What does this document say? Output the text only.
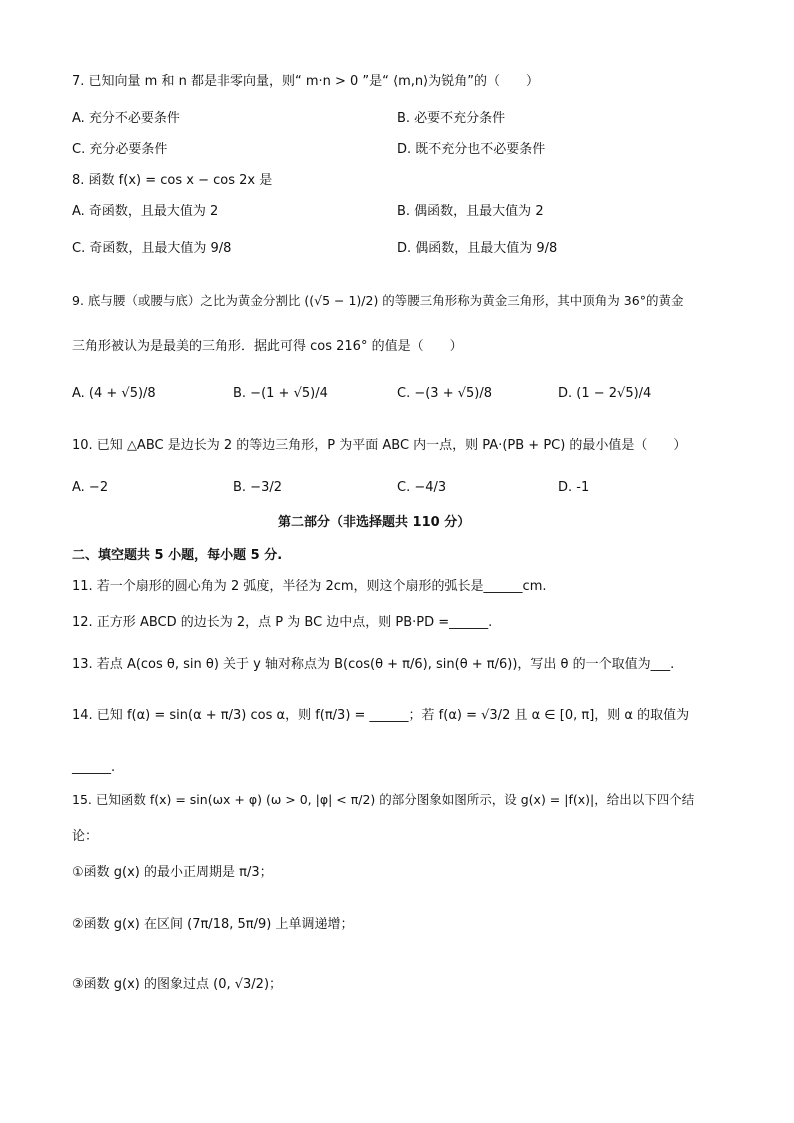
7. 已知向量 m 和 n 都是非零向量，则“ m·n > 0 ”是“ ⟨m,n⟩为锐角”的（　　）
A. 充分不必要条件	B. 必要不充分条件
C. 充分必要条件	D. 既不充分也不必要条件
8. 函数 f(x) = cos x − cos 2x 是
A. 奇函数，且最大值为 2	B. 偶函数，且最大值为 2
C. 奇函数，且最大值为 9/8	D. 偶函数，且最大值为 9/8
9. 底与腰（或腰与底）之比为黄金分割比 ((√5 − 1)/2) 的等腰三角形称为黄金三角形，其中顶角为 36°的黄金
三角形被认为是最美的三角形．据此可得 cos 216° 的值是（　　）
A. (4 + √5)/8	B. −(1 + √5)/4	C. −(3 + √5)/8	D. (1 − 2√5)/4
10. 已知 △ABC 是边长为 2 的等边三角形，P 为平面 ABC 内一点，则 PA·(PB + PC) 的最小值是（　　）
A. −2	B. −3/2	C. −4/3	D. -1
第二部分（非选择题共 110 分）
二、填空题共 5 小题，每小题 5 分.
11. 若一个扇形的圆心角为 2 弧度，半径为 2cm，则这个扇形的弧长是______cm.
12. 正方形 ABCD 的边长为 2，点 P 为 BC 边中点，则 PB·PD =______.
13. 若点 A(cos θ, sin θ) 关于 y 轴对称点为 B(cos(θ + π/6), sin(θ + π/6))，写出 θ 的一个取值为___.
14. 已知 f(α) = sin(α + π/3) cos α，则 f(π/3) = ______；若 f(α) = √3/2 且 α ∈ [0, π]，则 α 的取值为
______.
15. 已知函数 f(x) = sin(ωx + φ) (ω > 0, |φ| < π/2) 的部分图象如图所示，设 g(x) = |f(x)|，给出以下四个结
论：
①函数 g(x) 的最小正周期是 π/3；
②函数 g(x) 在区间 (7π/18, 5π/9) 上单调递增；
③函数 g(x) 的图象过点 (0, √3/2)；
